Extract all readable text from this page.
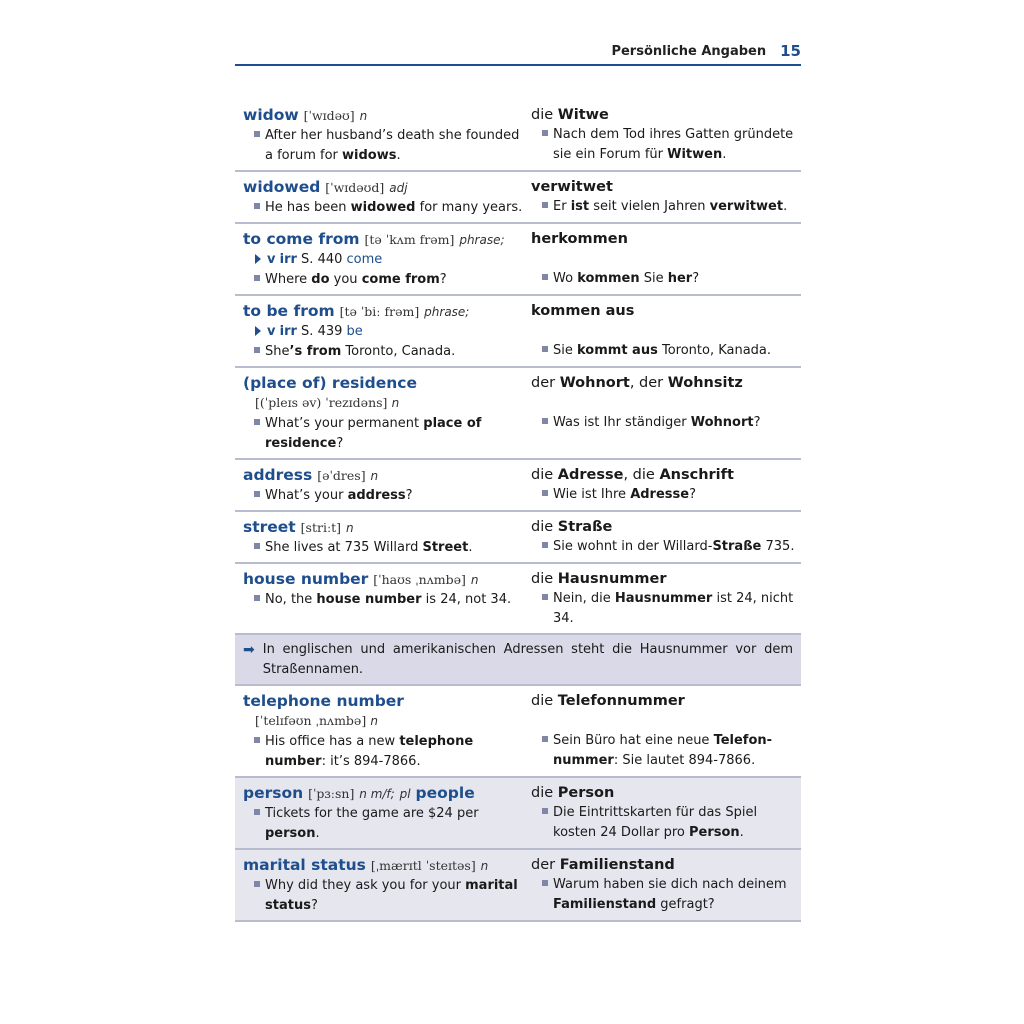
Persönliche Angaben 15
widow [ˈwɪdəʊ] n
After her husband’s death she founded a forum for widows.
die Witwe
Nach dem Tod ihres Gatten gründete sie ein Forum für Witwen.
widowed [ˈwɪdəʊd] adj
He has been widowed for many years.
verwitwet
Er ist seit vielen Jahren verwitwet.
to come from [tə ˈkʌm frəm] phrase;
v irr S. 440 come
Where do you come from?
herkommen
Wo kommen Sie her?
to be from [tə ˈbiː frəm] phrase;
v irr S. 439 be
She’s from Toronto, Canada.
kommen aus
Sie kommt aus Toronto, Kanada.
(place of) residence
[(ˈpleɪs əv) ˈrezɪdəns] n
What’s your permanent place of residence?
der Wohnort, der Wohnsitz
Was ist Ihr ständiger Wohnort?
address [əˈdres] n
What’s your address?
die Adresse, die Anschrift
Wie ist Ihre Adresse?
street [striːt] n
She lives at 735 Willard Street.
die Straße
Sie wohnt in der Willard-Straße 735.
house number [ˈhaʊs ˌnʌmbə] n
No, the house number is 24, not 34.
die Hausnummer
Nein, die Hausnummer ist 24, nicht 34.
➡ In englischen und amerikanischen Adressen steht die Hausnummer vor dem Straßennamen.
telephone number
[ˈtelɪfəʊn ˌnʌmbə] n
His office has a new telephone number: it’s 894-7866.
die Telefonnummer
Sein Büro hat eine neue Telefonnummer: Sie lautet 894-7866.
person [ˈpɜːsn] n m/f; pl people
Tickets for the game are $24 per person.
die Person
Die Eintrittskarten für das Spiel kosten 24 Dollar pro Person.
marital status [ˌmærɪtl ˈsteɪtəs] n
Why did they ask you for your marital status?
der Familienstand
Warum haben sie dich nach deinem Familienstand gefragt?
